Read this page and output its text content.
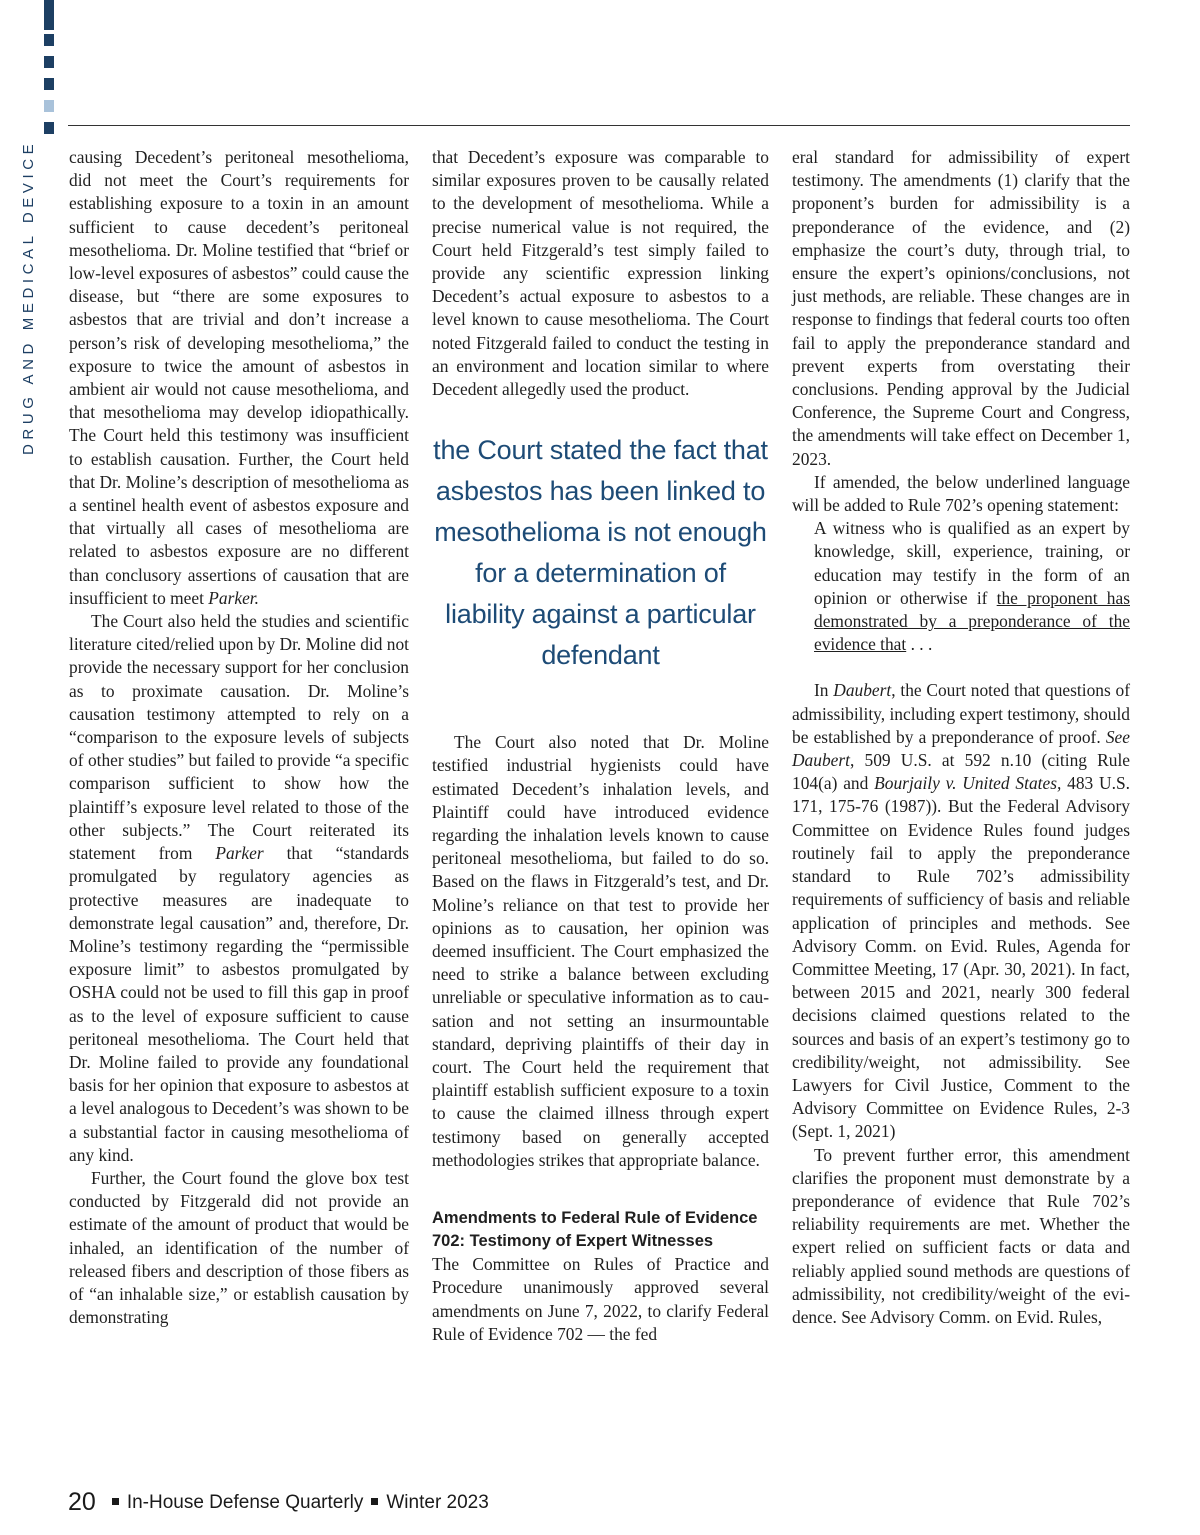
DRUG AND MEDICAL DEVICE causing Decedent’s peritoneal mesothelioma, did not meet the Court’s requirements for establishing exposure to a toxin in an amount sufficient to cause decedent’s peritoneal mesothelioma. Dr. Moline testified that “brief or low-level exposures of asbestos” could cause the disease, but “there are some exposures to asbestos that are trivial and don’t increase a person’s risk of developing mesothelioma,” the exposure to twice the amount of asbestos in ambient air would not cause mesothelioma, and that mesothelioma may develop idiopathically. The Court held this testimony was insufficient to establish causation. Further, the Court held that Dr. Moline’s description of mesothelioma as a sentinel health event of asbestos exposure and that virtually all cases of mesothelioma are related to asbestos exposure are no different than conclusory assertions of causation that are insufficient to meet Parker.

The Court also held the studies and scientific literature cited/relied upon by Dr. Moline did not provide the necessary support for her conclusion as to proximate causation. Dr. Moline’s causation testimony attempted to rely on a “comparison to the exposure levels of subjects of other studies” but failed to provide “a specific comparison sufficient to show how the plaintiff’s exposure level related to those of the other subjects.” The Court reiterated its statement from Parker that “standards promulgated by regulatory agencies as protective measures are inadequate to demonstrate legal causation” and, therefore, Dr. Moline’s testimony regarding the “permissible exposure limit” to asbestos promulgated by OSHA could not be used to fill this gap in proof as to the level of exposure sufficient to cause peritoneal mesothelioma. The Court held that Dr. Moline failed to provide any foundational basis for her opinion that exposure to asbestos at a level analogous to Decedent’s was shown to be a substantial factor in causing mesothelioma of any kind.

Further, the Court found the glove box test conducted by Fitzgerald did not provide an estimate of the amount of product that would be inhaled, an identification of the number of released fibers and description of those fibers as of “an inhalable size,” or establish causation by demonstrating

that Decedent’s exposure was comparable to similar exposures proven to be causally related to the development of mesothelioma. While a precise numerical value is not required, the Court held Fitzgerald’s test simply failed to provide any scientific expression linking Decedent’s actual exposure to asbestos to a level known to cause mesothelioma. The Court noted Fitzgerald failed to conduct the testing in an environment and location similar to where Decedent allegedly used the product.

the Court stated the fact that asbestos has been linked to mesothelioma is not enough for a determination of liability against a particular defendant

The Court also noted that Dr. Moline testified industrial hygienists could have estimated Decedent’s inhalation levels, and Plaintiff could have introduced evidence regarding the inhalation levels known to cause peritoneal mesothelioma, but failed to do so. Based on the flaws in Fitzgerald’s test, and Dr. Moline’s reliance on that test to provide her opinions as to causation, her opinion was deemed insufficient. The Court emphasized the need to strike a balance between excluding unreliable or speculative information as to causation and not setting an insurmountable standard, depriving plaintiffs of their day in court. The Court held the requirement that plaintiff establish sufficient exposure to a toxin to cause the claimed illness through expert testimony based on generally accepted methodologies strikes that appropriate balance.

Amendments to Federal Rule of Evidence 702: Testimony of Expert Witnesses

The Committee on Rules of Practice and Procedure unanimously approved several amendments on June 7, 2022, to clarify Federal Rule of Evidence 702 — the fed

eral standard for admissibility of expert testimony. The amendments (1) clarify that the proponent’s burden for admissibility is a preponderance of the evidence, and (2) emphasize the court’s duty, through trial, to ensure the expert’s opinions/conclusions, not just methods, are reliable. These changes are in response to findings that federal courts too often fail to apply the preponderance standard and prevent experts from overstating their conclusions. Pending approval by the Judicial Conference, the Supreme Court and Congress, the amendments will take effect on December 1, 2023.

If amended, the below underlined language will be added to Rule 702’s opening statement:

A witness who is qualified as an expert by knowledge, skill, experience, training, or education may testify in the form of an opinion or otherwise if the proponent has demonstrated by a preponderance of the evidence that . . .

In Daubert, the Court noted that questions of admissibility, including expert testimony, should be established by a preponderance of proof. See Daubert, 509 U.S. at 592 n.10 (citing Rule 104(a) and Bourjaily v. United States, 483 U.S. 171, 175-76 (1987)). But the Federal Advisory Committee on Evidence Rules found judges routinely fail to apply the preponderance standard to Rule 702’s admissibility requirements of sufficiency of basis and reliable application of principles and methods. See Advisory Comm. on Evid. Rules, Agenda for Committee Meeting, 17 (Apr. 30, 2021). In fact, between 2015 and 2021, nearly 300 federal decisions claimed questions related to the sources and basis of an expert’s testimony go to credibility/weight, not admissibility. See Lawyers for Civil Justice, Comment to the Advisory Committee on Evidence Rules, 2-3 (Sept. 1, 2021)

To prevent further error, this amendment clarifies the proponent must demonstrate by a preponderance of evidence that Rule 702’s reliability requirements are met. Whether the expert relied on sufficient facts or data and reliably applied sound methods are questions of admissibility, not credibility/weight of the evidence. See Advisory Comm. on Evid. Rules,

20 In-House Defense Quarterly Winter 2023
